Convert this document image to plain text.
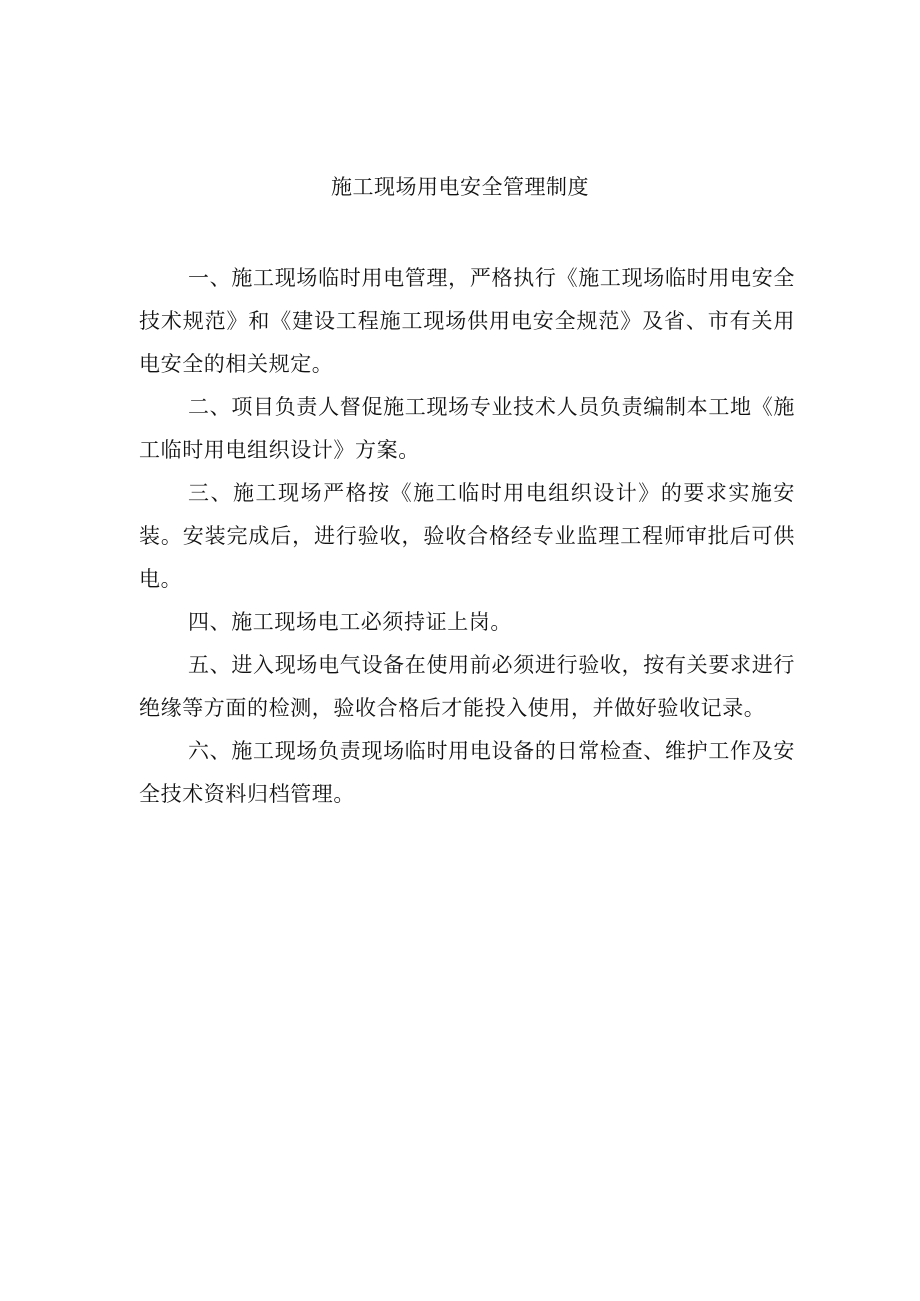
施工现场用电安全管理制度

一、施工现场临时用电管理，严格执行《施工现场临时用电安全技术规范》和《建设工程施工现场供用电安全规范》及省、市有关用电安全的相关规定。

二、项目负责人督促施工现场专业技术人员负责编制本工地《施工临时用电组织设计》方案。

三、施工现场严格按《施工临时用电组织设计》的要求实施安装。安装完成后，进行验收，验收合格经专业监理工程师审批后可供电。

四、施工现场电工必须持证上岗。

五、进入现场电气设备在使用前必须进行验收，按有关要求进行绝缘等方面的检测，验收合格后才能投入使用，并做好验收记录。

六、施工现场负责现场临时用电设备的日常检查、维护工作及安全技术资料归档管理。
